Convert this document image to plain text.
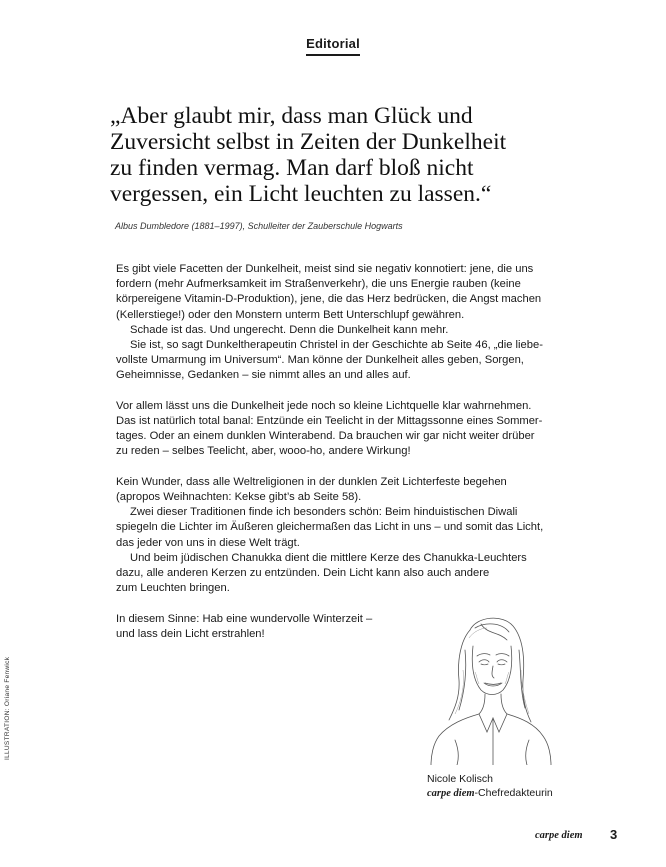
Editorial
„Aber glaubt mir, dass man Glück und
Zuversicht selbst in Zeiten der Dunkelheit
zu finden vermag. Man darf bloß nicht
vergessen, ein Licht leuchten zu lassen.“
Albus Dumbledore (1881–1997), Schulleiter der Zauberschule Hogwarts
Es gibt viele Facetten der Dunkelheit, meist sind sie negativ konnotiert: jene, die uns
fordern (mehr Aufmerksamkeit im Straßenverkehr), die uns Energie rauben (keine
körpereigene Vitamin-D-Produktion), jene, die das Herz bedrücken, die Angst machen
(Kellerstiege!) oder den Monstern unterm Bett Unterschlupf gewähren.
Schade ist das. Und ungerecht. Denn die Dunkelheit kann mehr.
Sie ist, so sagt Dunkeltherapeutin Christel in der Geschichte ab Seite 46, „die liebe-
vollste Umarmung im Universum“. Man könne der Dunkelheit alles geben, Sorgen,
Geheimnisse, Gedanken – sie nimmt alles an und alles auf.
Vor allem lässt uns die Dunkelheit jede noch so kleine Lichtquelle klar wahrnehmen.
Das ist natürlich total banal: Entzünde ein Teelicht in der Mittagssonne eines Sommer-
tages. Oder an einem dunklen Winterabend. Da brauchen wir gar nicht weiter drüber
zu reden – selbes Teelicht, aber, wooo-ho, andere Wirkung!
Kein Wunder, dass alle Weltreligionen in der dunklen Zeit Lichterfeste begehen
(apropos Weihnachten: Kekse gibt’s ab Seite 58).
Zwei dieser Traditionen finde ich besonders schön: Beim hinduistischen Diwali
spiegeln die Lichter im Äußeren gleichermaßen das Licht in uns – und somit das Licht,
das jeder von uns in diese Welt trägt.
Und beim jüdischen Chanukka dient die mittlere Kerze des Chanukka-Leuchters
dazu, alle anderen Kerzen zu entzünden. Dein Licht kann also auch andere
zum Leuchten bringen.
In diesem Sinne: Hab eine wundervolle Winterzeit –
und lass dein Licht erstrahlen!
ILLUSTRATION: Oriane Fenwick
Nicole Kolisch
carpe diem-Chefredakteurin
carpe diem 3
